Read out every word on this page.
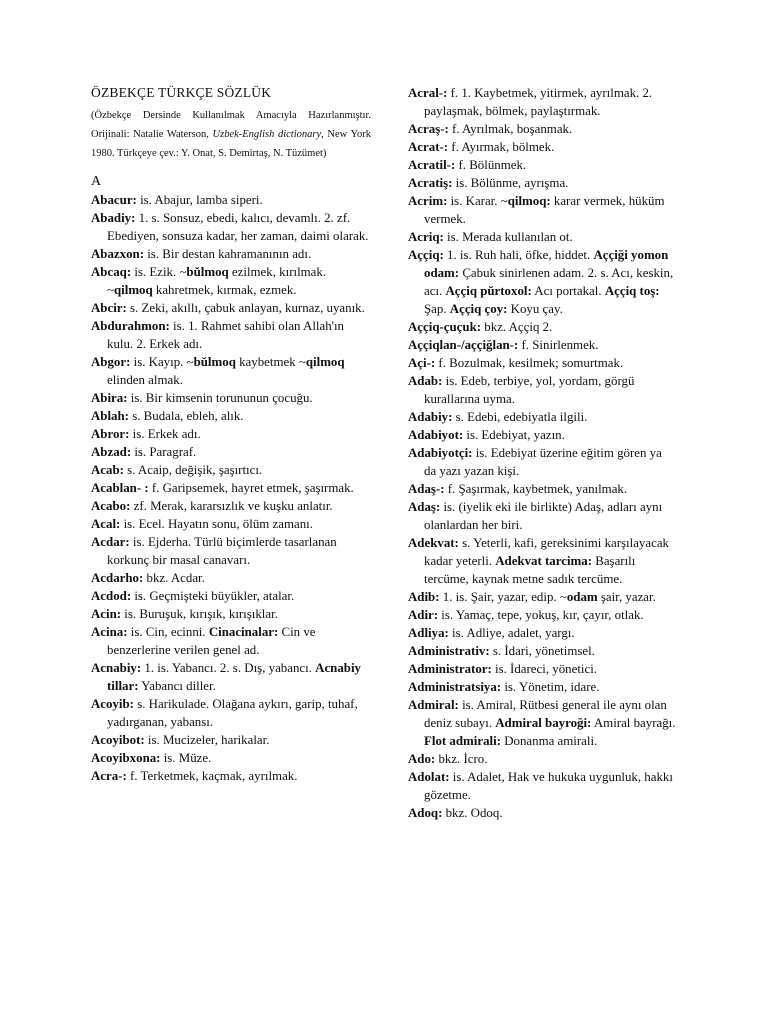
ÖZBEKÇE TÜRKÇE SÖZLÜK
(Özbekçe Dersinde Kullanılmak Amacıyla Hazırlanmıştır. Orijinali: Natalie Waterson, Uzbek-English dictionary, New York 1980. Türkçeye çev.: Y. Onat, S. Demirtaş, N. Tüzümet)
A

Abacur: is. Abajur, lamba siperi.

Abadiy: 1. s. Sonsuz, ebedi, kalıcı, devamlı. 2. zf. Ebediyen, sonsuza kadar, her zaman, daimi olarak.

Abazxon: is. Bir destan kahramanının adı.

Abcaq: is. Ezik. ~bŭlmoq ezilmek, kırılmak. ~qilmoq kahretmek, kırmak, ezmek.

Abcir: s. Zeki, akıllı, çabuk anlayan, kurnaz, uyanık.

Abdurahmon: is. 1. Rahmet sahibi olan Allah'ın kulu. 2. Erkek adı.

Abgor: is. Kayıp. ~bŭlmoq kaybetmek ~qilmoq elinden almak.

Abira: is. Bir kimsenin torununun çocuğu.

Ablah: s. Budala, ebleh, alık.

Abror: is. Erkek adı.

Abzad: is. Paragraf.

Acab: s. Acaip, değişik, şaşırtıcı.

Acablan- : f. Garipsemek, hayret etmek, şaşırmak.

Acabo: zf. Merak, kararsızlık ve kuşku anlatır.

Acal: is. Ecel. Hayatın sonu, ölüm zamanı.

Acdar: is. Ejderha. Türlü biçimlerde tasarlanan korkunç bir masal canavarı.

Acdarho: bkz. Acdar.

Acdod: is. Geçmişteki büyükler, atalar.

Acin: is. Buruşuk, kırışık, kırışıklar.

Acina: is. Cin, ecinni. Cinacinalar: Cin ve benzerlerine verilen genel ad.

Acnabiy: 1. is. Yabancı. 2. s. Dış, yabancı. Acnabiy tillar: Yabancı diller.

Acoyib: s. Harikulade. Olağana aykırı, garip, tuhaf, yadırganan, yabansı.

Acoyibot: is. Mucizeler, harikalar.

Acoyibxona: is. Müze.

Acra-: f. Terketmek, kaçmak, ayrılmak.

Acral-: f. 1. Kaybetmek, yitirmek, ayrılmak. 2. paylaşmak, bölmek, paylaştırmak.

Acraş-: f. Ayrılmak, boşanmak.

Acrat-: f. Ayırmak, bölmek.

Acratil-: f. Bölünmek.

Acratiş: is. Bölünme, ayrışma.

Acrim: is. Karar. ~qilmoq: karar vermek, hüküm vermek.

Acriq: is. Merada kullanılan ot.

Aççiq: 1. is. Ruh hali, öfke, hiddet. Aççiği yomon odam: Çabuk sinirlenen adam. 2. s. Acı, keskin, acı. Aççiq pŭrtoxol: Acı portakal. Aççiq toş: Şap. Aççiq çoy: Koyu çay.

Aççiq-çuçuk: bkz. Aççiq 2.

Aççiqlan-/aççiğlan-: f. Sinirlenmek.

Açi-: f. Bozulmak, kesilmek; somurtmak.

Adab: is. Edeb, terbiye, yol, yordam, görgü kurallarına uyma.

Adabiy: s. Edebi, edebiyatla ilgili.

Adabiyot: is. Edebiyat, yazın.

Adabiyotçi: is. Edebiyat üzerine eğitim gören ya da yazı yazan kişi.

Adaş-: f. Şaşırmak, kaybetmek, yanılmak.

Adaş: is. (iyelik eki ile birlikte) Adaş, adları aynı olanlardan her biri.

Adekvat: s. Yeterli, kafi, gereksinimi karşılayacak kadar yeterli. Adekvat tarcima: Başarılı tercüme, kaynak metne sadık tercüme.

Adib: 1. is. Şair, yazar, edip. ~odam şair, yazar.

Adir: is. Yamaç, tepe, yokuş, kır, çayır, otlak.

Adliya: is. Adliye, adalet, yargı.

Administrativ: s. İdari, yönetimsel.

Administrator: is. İdareci, yönetici.

Administratsiya: is. Yönetim, idare.

Admiral: is. Amiral, Rütbesi general ile aynı olan deniz subayı. Admiral bayroği: Amiral bayrağı. Flot admirali: Donanma amirali.

Ado: bkz. İcro.

Adolat: is. Adalet, Hak ve hukuka uygunluk, hakkı gözetme.

Adoq: bkz. Odoq.
